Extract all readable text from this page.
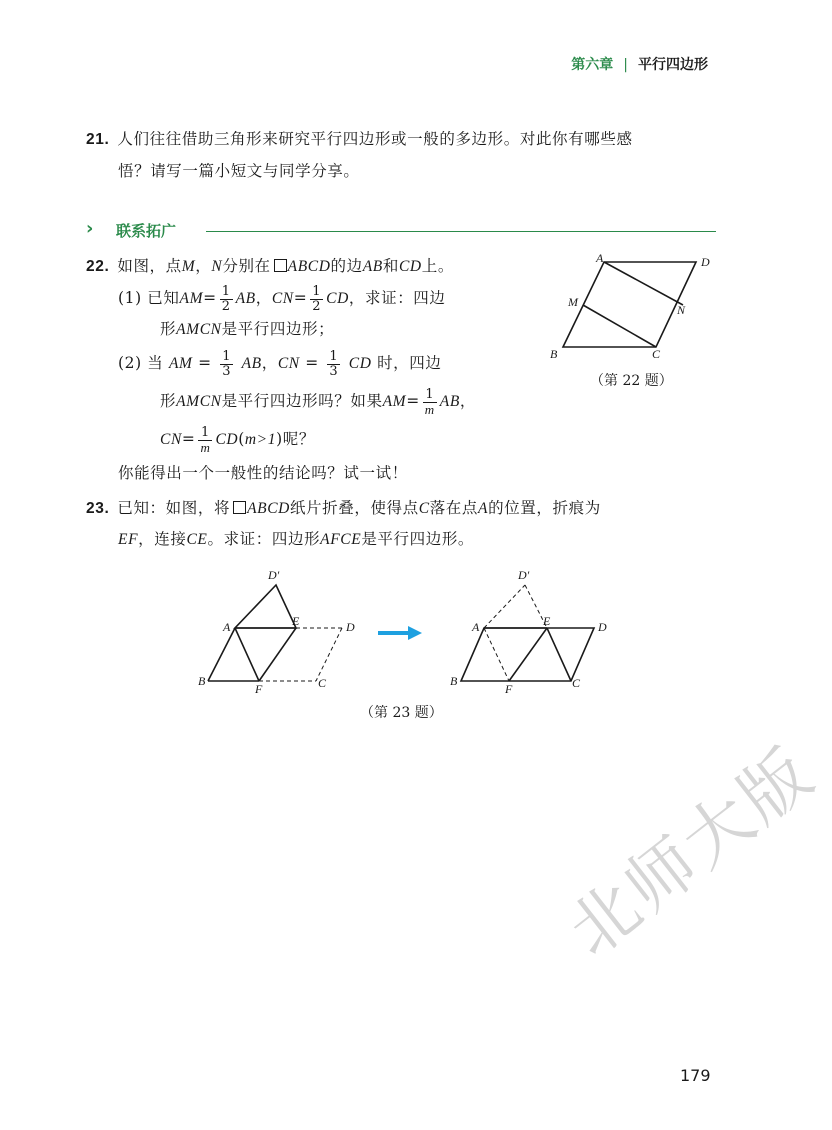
第六章 | 平行四边形
21. 人们往往借助三角形来研究平行四边形或一般的多边形。对此你有哪些感
悟？请写一篇小短文与同学分享。
› 联系拓广
22. 如图，点M，N分别在 ABCD的边AB和CD上。
(1) 已知$AM= \frac{1}{2}$ AB，$CN= \frac{1}{2}$ CD，求证：四边
形AMCN是平行四边形；
(2) 当 AM = $\frac{1}{3}$ AB，CN = $\frac{1}{3}$ CD 时，四边
形AMCN是平行四边形吗？如果$AM= \frac{1}{m}$ AB，
$CN= \frac{1}{m} CD(m>1)$呢？
你能得出一个一般性的结论吗？试一试！
A	D
M
N
B	C
（第 22 题）
23. 已知：如图，将 ABCD纸片折叠，使得点C落在点A的位置，折痕为
EF，连接CE。求证：四边形AFCE是平行四边形。
D′
A	E	D
B
F	C
D′
A	E	D
B
F	C
（第 23 题）
北师大版
179
